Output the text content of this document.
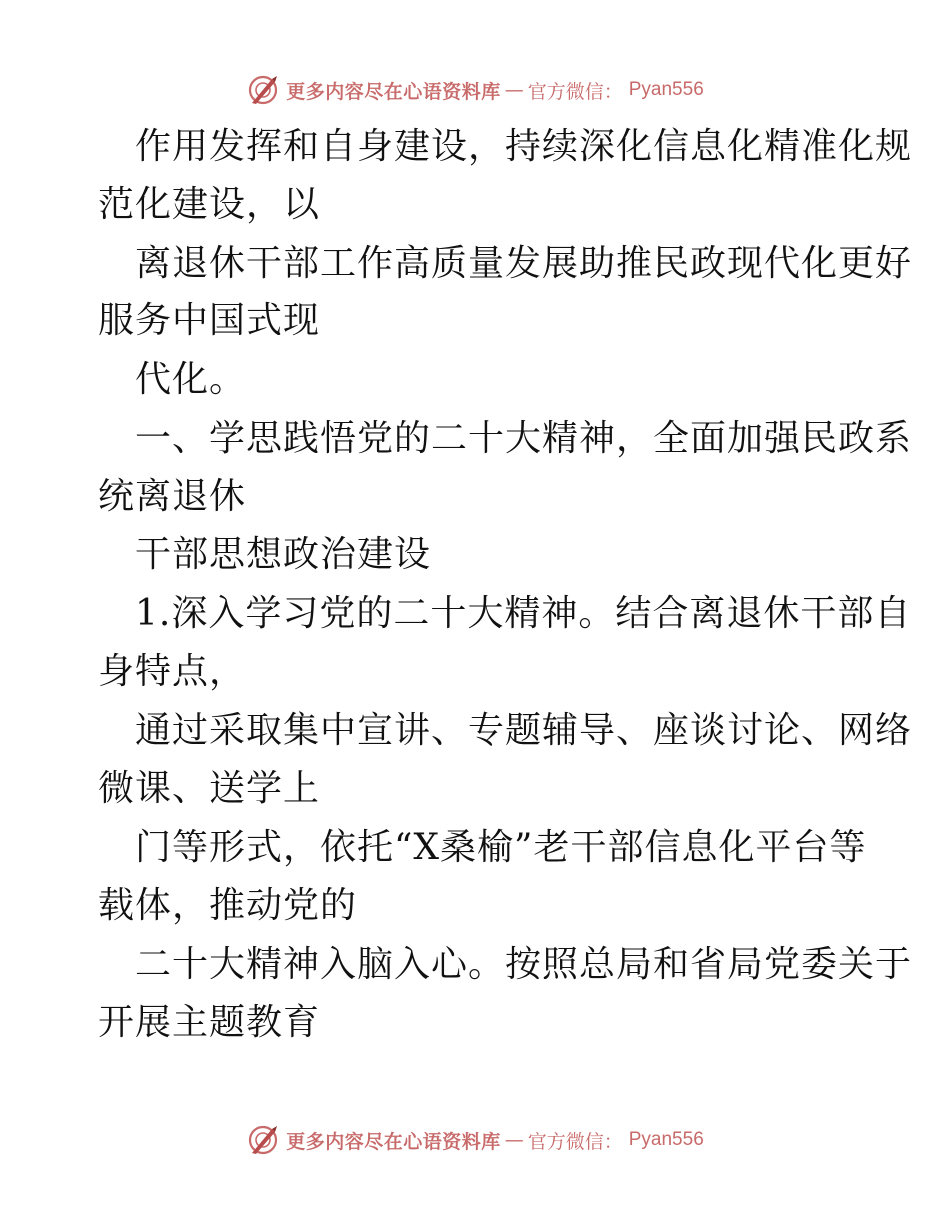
更多内容尽在心语资料库 — 官方微信： Pyan556
作用发挥和自身建设，持续深化信息化精准化规
范化建设，以
离退休干部工作高质量发展助推民政现代化更好
服务中国式现
代化。
一、学思践悟党的二十大精神，全面加强民政系
统离退休
干部思想政治建设
1.深入学习党的二十大精神。结合离退休干部自
身特点，
通过采取集中宣讲、专题辅导、座谈讨论、网络
微课、送学上
门等形式，依托“X桑榆”老干部信息化平台等
载体，推动党的
二十大精神入脑入心。按照总局和省局党委关于
开展主题教育
更多内容尽在心语资料库 — 官方微信： Pyan556
